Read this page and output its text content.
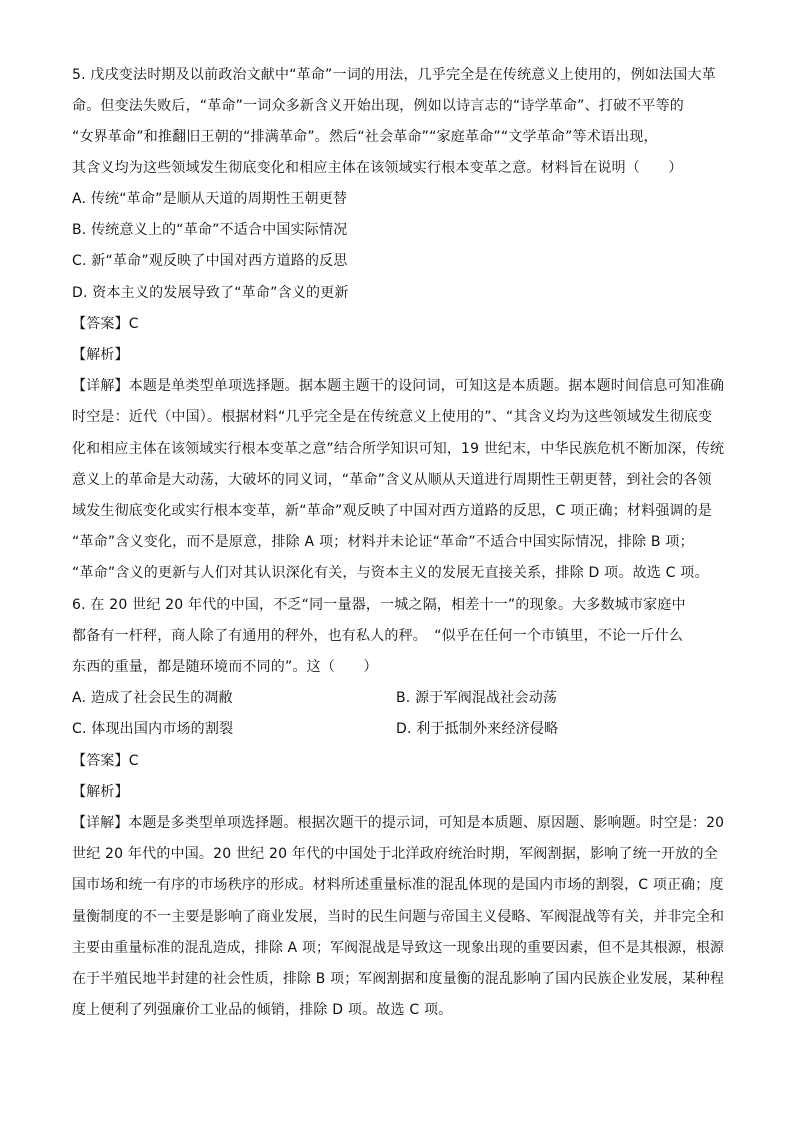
5. 戊戌变法时期及以前政治文献中“革命”一词的用法，几乎完全是在传统意义上使用的，例如法国大革
命。但变法失败后，“革命”一词众多新含义开始出现，例如以诗言志的“诗学革命”、打破不平等的
“女界革命”和推翻旧王朝的“排满革命”。然后“社会革命”“家庭革命”“文学革命”等术语出现，
其含义均为这些领域发生彻底变化和相应主体在该领域实行根本变革之意。材料旨在说明（　　）
A. 传统“革命”是顺从天道的周期性王朝更替
B. 传统意义上的“革命”不适合中国实际情况
C. 新“革命”观反映了中国对西方道路的反思
D. 资本主义的发展导致了“革命”含义的更新
【答案】C
【解析】
【详解】本题是单类型单项选择题。据本题主题干的设问词，可知这是本质题。据本题时间信息可知准确
时空是：近代（中国）。根据材料“几乎完全是在传统意义上使用的”、“其含义均为这些领域发生彻底变
化和相应主体在该领域实行根本变革之意”结合所学知识可知，19 世纪末，中华民族危机不断加深，传统
意义上的革命是大动荡，大破坏的同义词，“革命”含义从顺从天道进行周期性王朝更替，到社会的各领
域发生彻底变化或实行根本变革，新“革命”观反映了中国对西方道路的反思，C 项正确；材料强调的是
“革命”含义变化，而不是原意，排除 A 项；材料并未论证“革命”不适合中国实际情况，排除 B 项；
“革命”含义的更新与人们对其认识深化有关，与资本主义的发展无直接关系，排除 D 项。故选 C 项。
6. 在 20 世纪 20 年代的中国，不乏“同一量器，一城之隔，相差十一”的现象。大多数城市家庭中
都备有一杆秤，商人除了有通用的秤外，也有私人的秤。　“似乎在任何一个市镇里，不论一斤什么
东西的重量，都是随环境而不同的”。这（　　）
A. 造成了社会民生的凋敝	B. 源于军阀混战社会动荡
C. 体现出国内市场的割裂	D. 利于抵制外来经济侵略
【答案】C
【解析】
【详解】本题是多类型单项选择题。根据次题干的提示词，可知是本质题、原因题、影响题。时空是：20
世纪 20 年代的中国。20 世纪 20 年代的中国处于北洋政府统治时期，军阀割据，影响了统一开放的全
国市场和统一有序的市场秩序的形成。材料所述重量标准的混乱体现的是国内市场的割裂，C 项正确；度
量衡制度的不一主要是影响了商业发展，当时的民生问题与帝国主义侵略、军阀混战等有关，并非完全和
主要由重量标准的混乱造成，排除 A 项；军阀混战是导致这一现象出现的重要因素，但不是其根源，根源
在于半殖民地半封建的社会性质，排除 B 项；军阀割据和度量衡的混乱影响了国内民族企业发展，某种程
度上便利了列强廉价工业品的倾销，排除 D 项。故选 C 项。
